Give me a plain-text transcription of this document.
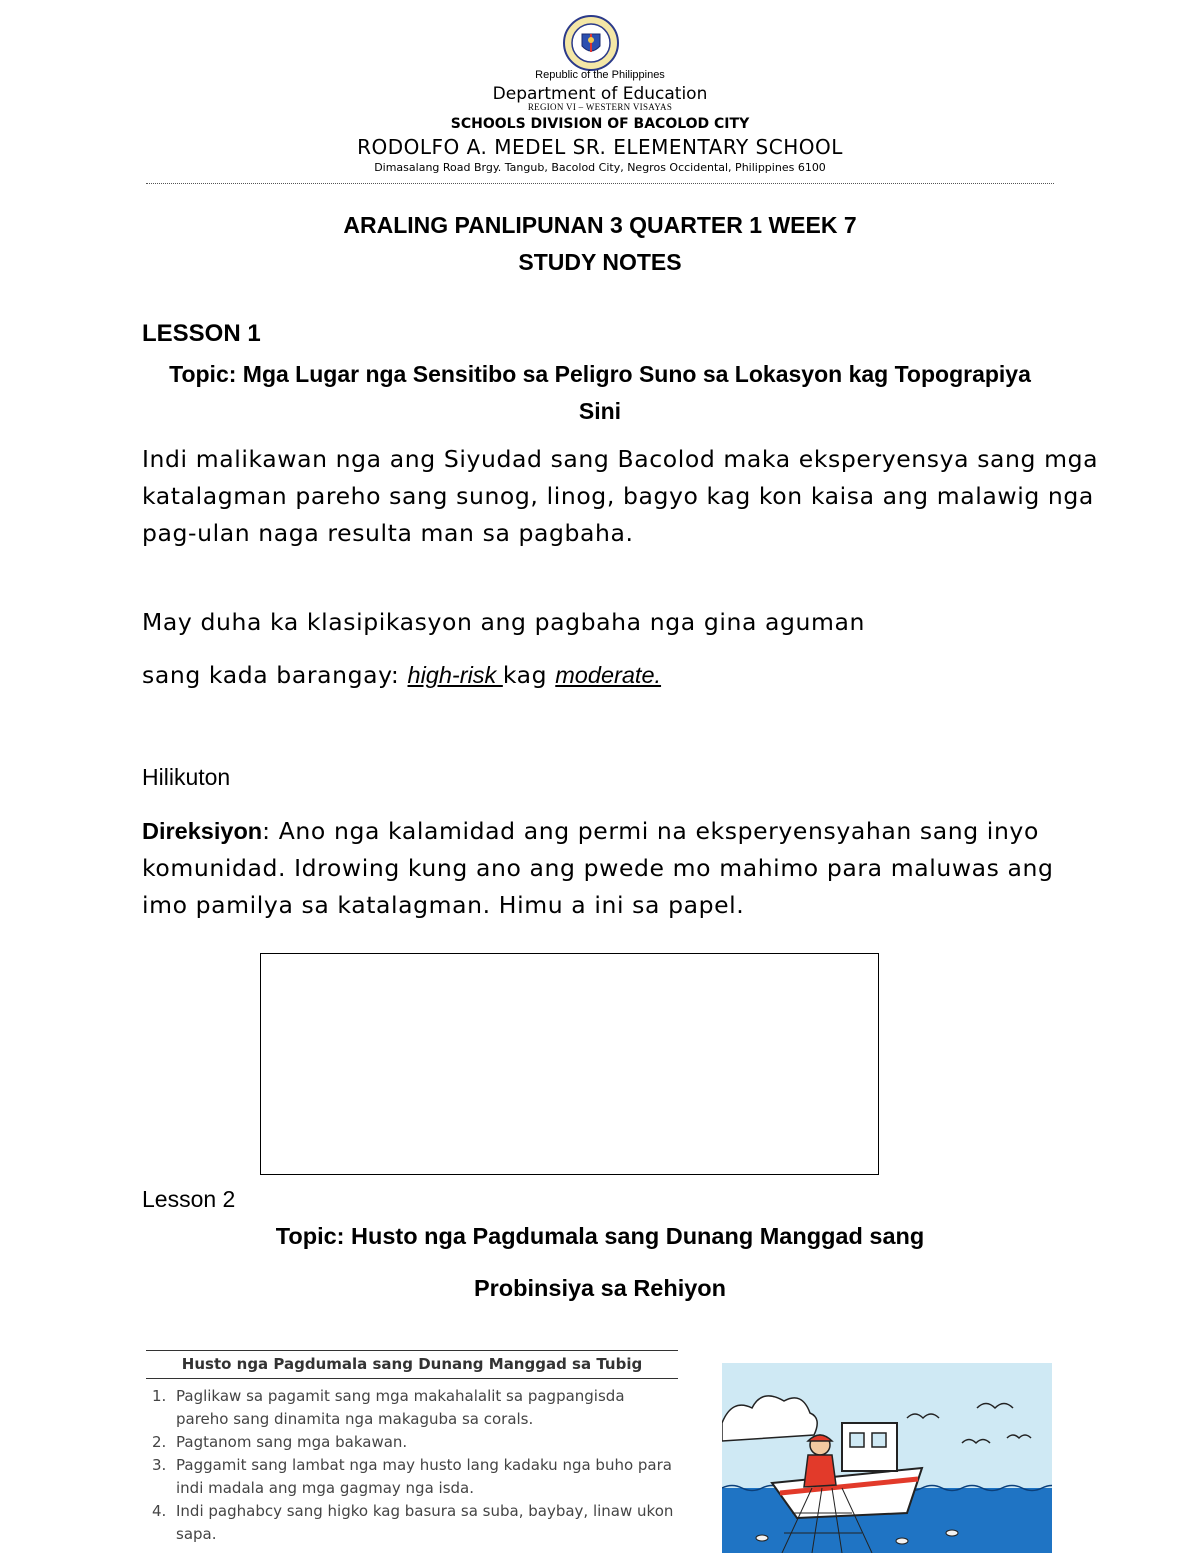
Republic of the Philippines
Department of Education
REGION VI – WESTERN VISAYAS
SCHOOLS DIVISION OF BACOLOD CITY
RODOLFO A. MEDEL SR. ELEMENTARY SCHOOL
Dimasalang Road Brgy. Tangub, Bacolod City, Negros Occidental, Philippines 6100
ARALING PANLIPUNAN 3 QUARTER 1 WEEK 7
STUDY NOTES
LESSON 1
Topic: Mga Lugar nga Sensitibo sa Peligro Suno sa Lokasyon kag Topograpiya Sini
Indi malikawan nga ang Siyudad sang Bacolod maka eksperyensya sang mga katalagman pareho sang sunog, linog, bagyo kag kon kaisa ang malawig nga pag-ulan naga resulta man sa pagbaha.
May duha ka klasipikasyon ang pagbaha nga gina aguman
sang kada barangay: high-risk kag moderate.
Hilikuton
Direksiyon: Ano nga kalamidad ang permi na eksperyensyahan sang inyo komunidad. Idrowing kung ano ang pwede mo mahimo para maluwas ang imo pamilya sa katalagman. Himu a ini sa papel.
Lesson 2
Topic: Husto nga Pagdumala sang Dunang Manggad sang
Probinsiya sa Rehiyon
Husto nga Pagdumala sang Dunang Manggad sa Tubig
1. Paglikaw sa pagamit sang mga makahalalit sa pagpangisda pareho sang dinamita nga makaguba sa corals.
2. Pagtanom sang mga bakawan.
3. Paggamit sang lambat nga may husto lang kadaku nga buho para indi madala ang mga gagmay nga isda.
4. Indi paghabcy sang higko kag basura sa suba, baybay, linaw ukon sapa.
